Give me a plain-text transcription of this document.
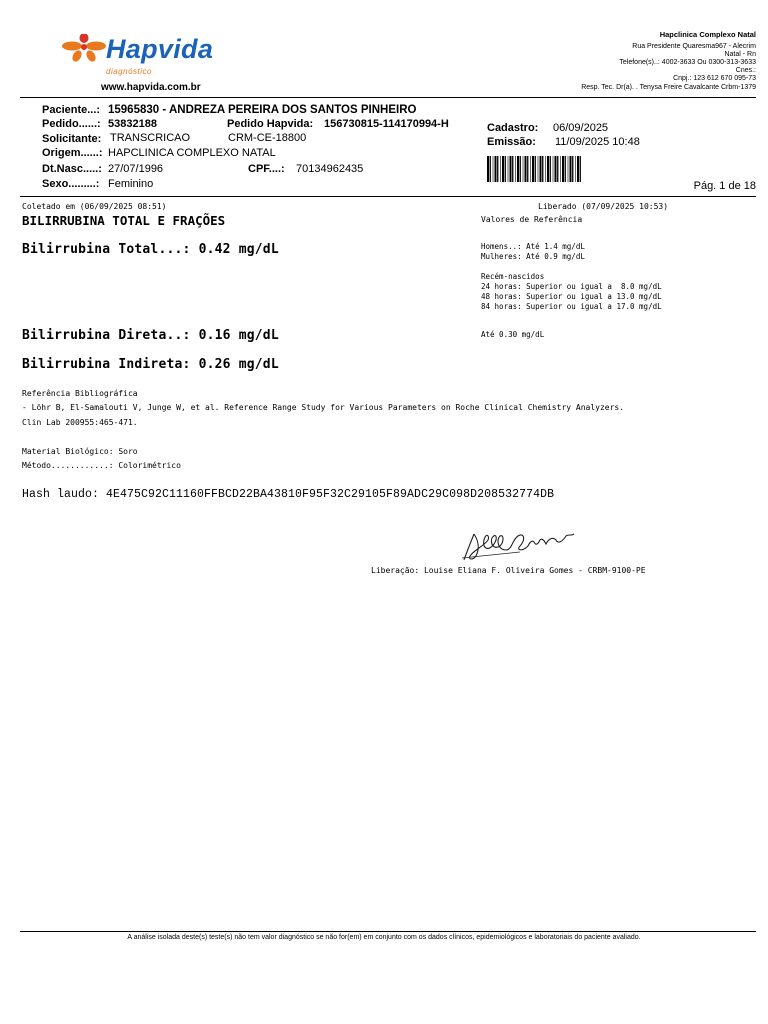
Hapvida
diagnóstico
www.hapvida.com.br
Hapclinica Complexo Natal
Rua Presidente Quaresma967 - Alecrim
Natal - Rn
Telefone(s)..: 4002-3633 Ou 0300-313-3633
Cnes.:
Cnpj.: 123 612 670 095-73
Resp. Tec. Dr(a). . Tenysa Freire Cavalcante Crbm-1379
Paciente...: 15965830 - ANDREZA PEREIRA DOS SANTOS PINHEIRO
Pedido......: 53832188	Pedido Hapvida: 156730815-114170994-H
Solicitante: TRANSCRICAO	CRM-CE-18800
Origem......: HAPCLINICA COMPLEXO NATAL
Dt.Nasc.....: 27/07/1996	CPF....: 70134962435
Sexo.........: Feminino
Cadastro: 06/09/2025
Emissão: 11/09/2025 10:48
Pág. 1 de 18
Coletado em (06/09/2025 08:51)	Liberado (07/09/2025 10:53)
BILIRRUBINA TOTAL E FRAÇÕES	Valores de Referência
Bilirrubina Total...: 0.42 mg/dL	Homens..: Até 1.4 mg/dL
Mulheres: Até 0.9 mg/dL

Recém-nascidos
24 horas: Superior ou igual a  8.0 mg/dL
48 horas: Superior ou igual a 13.0 mg/dL
84 horas: Superior ou igual a 17.0 mg/dL
Bilirrubina Direta..: 0.16 mg/dL	Até 0.30 mg/dL
Bilirrubina Indireta: 0.26 mg/dL
Referência Bibliográfica
- Löhr B, El-Samalouti V, Junge W, et al. Reference Range Study for Various Parameters on Roche Clinical Chemistry Analyzers.
Clin Lab 200955:465-471.
Material Biológico: Soro
Método............: Colorimétrico
Hash laudo: 4E475C92C11160FFBCD22BA43810F95F32C29105F89ADC29C098D208532774DB
Liberação: Louise Eliana F. Oliveira Gomes - CRBM-9100-PE
A análise isolada deste(s) teste(s) não tem valor diagnóstico se não for(em) em conjunto com os dados clínicos, epidemiológicos e laboratoriais do paciente avaliado.
